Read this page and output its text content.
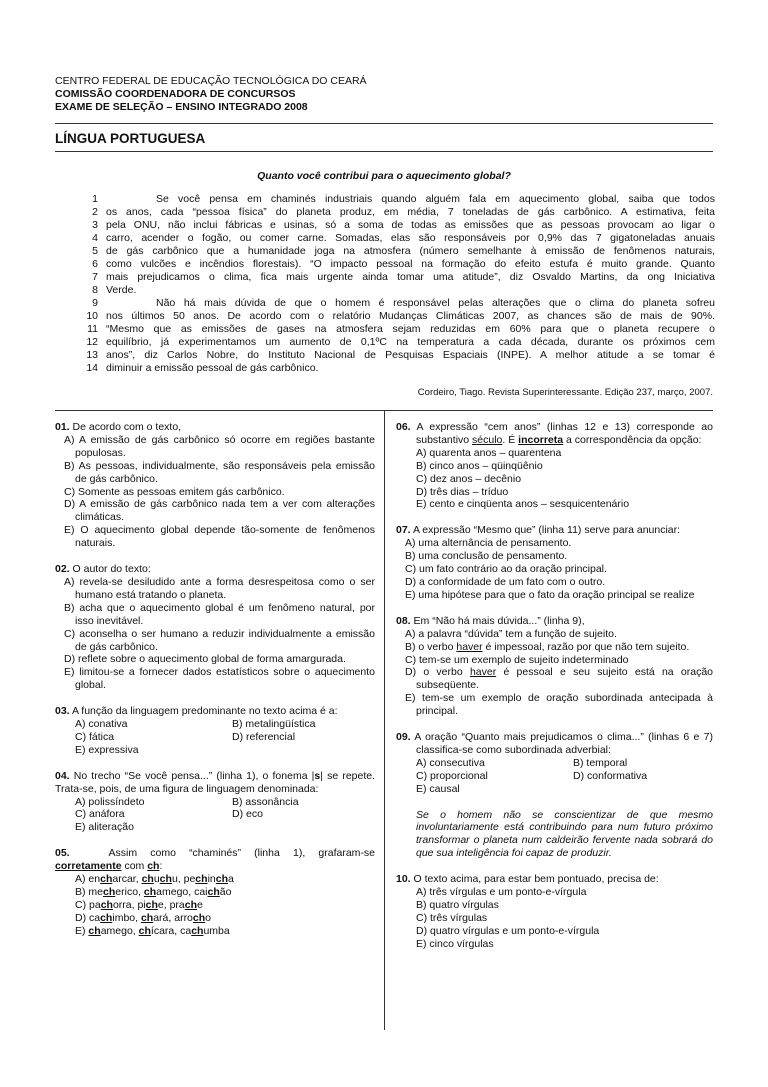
CENTRO FEDERAL DE EDUCAÇÃO TECNOLÓGICA DO CEARÁ
COMISSÃO COORDENADORA DE CONCURSOS
EXAME DE SELEÇÃO – ENSINO INTEGRADO 2008
LÍNGUA PORTUGUESA
Quanto você contribui para o aquecimento global?
1	Se você pensa em chaminés industriais quando alguém fala em aquecimento global, saiba que todos
2 os anos, cada “pessoa física” do planeta produz, em média, 7 toneladas de gás carbônico. A estimativa, feita
3 pela ONU, não inclui fábricas e usinas, só a soma de todas as emissões que as pessoas provocam ao ligar o
4 carro, acender o fogão, ou comer carne. Somadas, elas são responsáveis por 0,9% das 7 gigatoneladas anuais
5 de gás carbônico que a humanidade joga na atmosfera (número semelhante à emissão de fenômenos naturais,
6 como vulcões e incêndios florestais). “O impacto pessoal na formação do efeito estufa é muito grande. Quanto
7 mais prejudicamos o clima, fica mais urgente ainda tomar uma atitude”, diz Osvaldo Martins, da ong Iniciativa
8 Verde.
9	Não há mais dúvida de que o homem é responsável pelas alterações que o clima do planeta sofreu
10 nos últimos 50 anos. De acordo com o relatório Mudanças Climáticas 2007, as chances são de mais de 90%.
11 “Mesmo que as emissões de gases na atmosfera sejam reduzidas em 60% para que o planeta recupere o
12 equilíbrio, já experimentamos um aumento de 0,1ºC na temperatura a cada década, durante os próximos cem
13 anos”, diz Carlos Nobre, do Instituto Nacional de Pesquisas Espaciais (INPE). A melhor atitude a se tomar é
14 diminuir a emissão pessoal de gás carbônico.
Cordeiro, Tiago. Revista Superinteressante. Edição 237, março, 2007.
01. De acordo com o texto,
A) A emissão de gás carbônico só ocorre em regiões bastante populosas.
B) As pessoas, individualmente, são responsáveis pela emissão de gás carbônico.
C) Somente as pessoas emitem gás carbônico.
D) A emissão de gás carbônico nada tem a ver com alterações climáticas.
E) O aquecimento global depende tão-somente de fenômenos naturais.
02. O autor do texto:
A) revela-se desiludido ante a forma desrespeitosa como o ser humano está tratando o planeta.
B) acha que o aquecimento global é um fenômeno natural, por isso inevitável.
C) aconselha o ser humano a reduzir individualmente a emissão de gás carbônico.
D) reflete sobre o aquecimento global de forma amargurada.
E) limitou-se a fornecer dados estatísticos sobre o aquecimento global.
03. A função da linguagem predominante no texto acima é a:
A) conativa	B) metalingüística
C) fática	D) referencial
E) expressiva
04. No trecho “Se você pensa...” (linha 1), o fonema |s| se repete. Trata-se, pois, de uma figura de linguagem denominada:
A) polissíndeto	B) assonância
C) anáfora	D) eco
E) aliteração
05.	Assim como “chaminés” (linha 1), grafaram-se
corretamente com ch:
A) encharcar, chuchu, pechincha
B) mecherico, chamego, caichão
C) pachorra, piche, prache
D) cachimbo, chará, arrocho
E) chamego, chícara, cachumba
06. A expressão “cem anos” (linhas 12 e 13) corresponde ao substantivo século. É incorreta a correspondência da opção:
A) quarenta anos – quarentena
B) cinco anos – qüinqüênio
C) dez anos – decênio
D) três dias – tríduo
E) cento e cinqüenta anos – sesquicentenário
07. A expressão “Mesmo que” (linha 11) serve para anunciar:
A) uma alternância de pensamento.
B) uma conclusão de pensamento.
C) um fato contrário ao da oração principal.
D) a conformidade de um fato com o outro.
E) uma hipótese para que o fato da oração principal se realize
08. Em “Não há mais dúvida...” (linha 9),
A) a palavra “dúvida” tem a função de sujeito.
B) o verbo haver é impessoal, razão por que não tem sujeito.
C) tem-se um exemplo de sujeito indeterminado
D) o verbo haver é pessoal e seu sujeito está na oração subseqüente.
E) tem-se um exemplo de oração subordinada antecipada à principal.
09. A oração “Quanto mais prejudicamos o clima...” (linhas 6 e 7) classifica-se como subordinada adverbial:
A) consecutiva	B) temporal
C) proporcional	D) conformativa
E) causal
Se o homem não se conscientizar de que mesmo involuntariamente está contribuindo para num futuro próximo transformar o planeta num caldeirão fervente nada sobrará do que sua inteligência foi capaz de produzir.
10. O texto acima, para estar bem pontuado, precisa de:
A) três vírgulas e um ponto-e-vírgula
B) quatro vírgulas
C) três vírgulas
D) quatro vírgulas e um ponto-e-vírgula
E) cinco vírgulas
